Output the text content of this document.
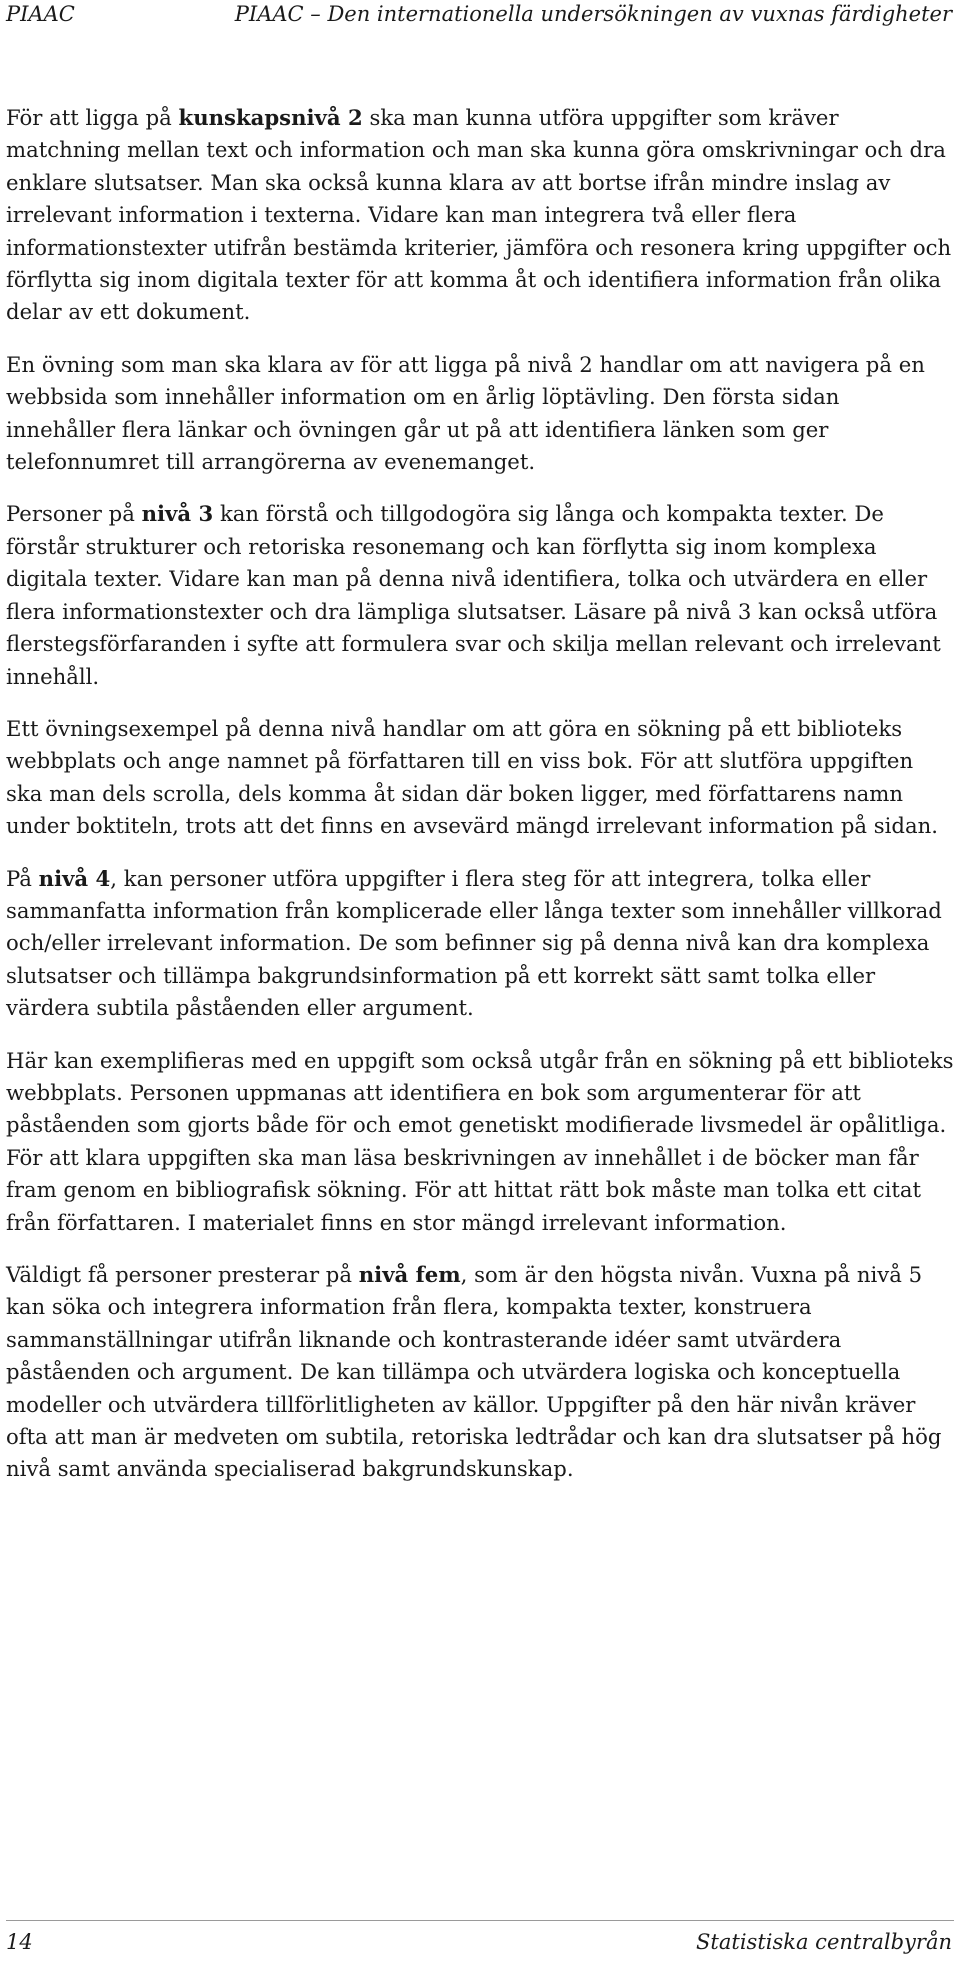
PIAAC	PIAAC – Den internationella undersökningen av vuxnas färdigheter

För att ligga på kunskapsnivå 2 ska man kunna utföra uppgifter som kräver matchning mellan text och information och man ska kunna göra omskrivningar och dra enklare slutsatser. Man ska också kunna klara av att bortse ifrån mindre inslag av irrelevant information i texterna. Vidare kan man integrera två eller flera informationstexter utifrån bestämda kriterier, jämföra och resonera kring uppgifter och förflytta sig inom digitala texter för att komma åt och identifiera information från olika delar av ett dokument.

En övning som man ska klara av för att ligga på nivå 2 handlar om att navigera på en webbsida som innehåller information om en årlig löptävling. Den första sidan innehåller flera länkar och övningen går ut på att identifiera länken som ger telefonnumret till arrangörerna av evenemanget.

Personer på nivå 3 kan förstå och tillgodogöra sig långa och kompakta texter. De förstår strukturer och retoriska resonemang och kan förflytta sig inom komplexa digitala texter. Vidare kan man på denna nivå identifiera, tolka och utvärdera en eller flera informationstexter och dra lämpliga slutsatser. Läsare på nivå 3 kan också utföra flerstegsförfaranden i syfte att formulera svar och skilja mellan relevant och irrelevant innehåll.

Ett övningsexempel på denna nivå handlar om att göra en sökning på ett biblioteks webbplats och ange namnet på författaren till en viss bok. För att slutföra uppgiften ska man dels scrolla, dels komma åt sidan där boken ligger, med författarens namn under boktiteln, trots att det finns en avsevärd mängd irrelevant information på sidan.

På nivå 4, kan personer utföra uppgifter i flera steg för att integrera, tolka eller sammanfatta information från komplicerade eller långa texter som innehåller villkorad och/eller irrelevant information. De som befinner sig på denna nivå kan dra komplexa slutsatser och tillämpa bakgrundsinformation på ett korrekt sätt samt tolka eller värdera subtila påståenden eller argument.

Här kan exemplifieras med en uppgift som också utgår från en sökning på ett biblioteks webbplats. Personen uppmanas att identifiera en bok som argumenterar för att påståenden som gjorts både för och emot genetiskt modifierade livsmedel är opålitliga. För att klara uppgiften ska man läsa beskrivningen av innehållet i de böcker man får fram genom en bibliografisk sökning. För att hittat rätt bok måste man tolka ett citat från författaren. I materialet finns en stor mängd irrelevant information.

Väldigt få personer presterar på nivå fem, som är den högsta nivån. Vuxna på nivå 5 kan söka och integrera information från flera, kompakta texter, konstruera sammanställningar utifrån liknande och kontrasterande idéer samt utvärdera påståenden och argument. De kan tillämpa och utvärdera logiska och konceptuella modeller och utvärdera tillförlitligheten av källor. Uppgifter på den här nivån kräver ofta att man är medveten om subtila, retoriska ledtrådar och kan dra slutsatser på hög nivå samt använda specialiserad bakgrundskunskap.

14	Statistiska centralbyrån
